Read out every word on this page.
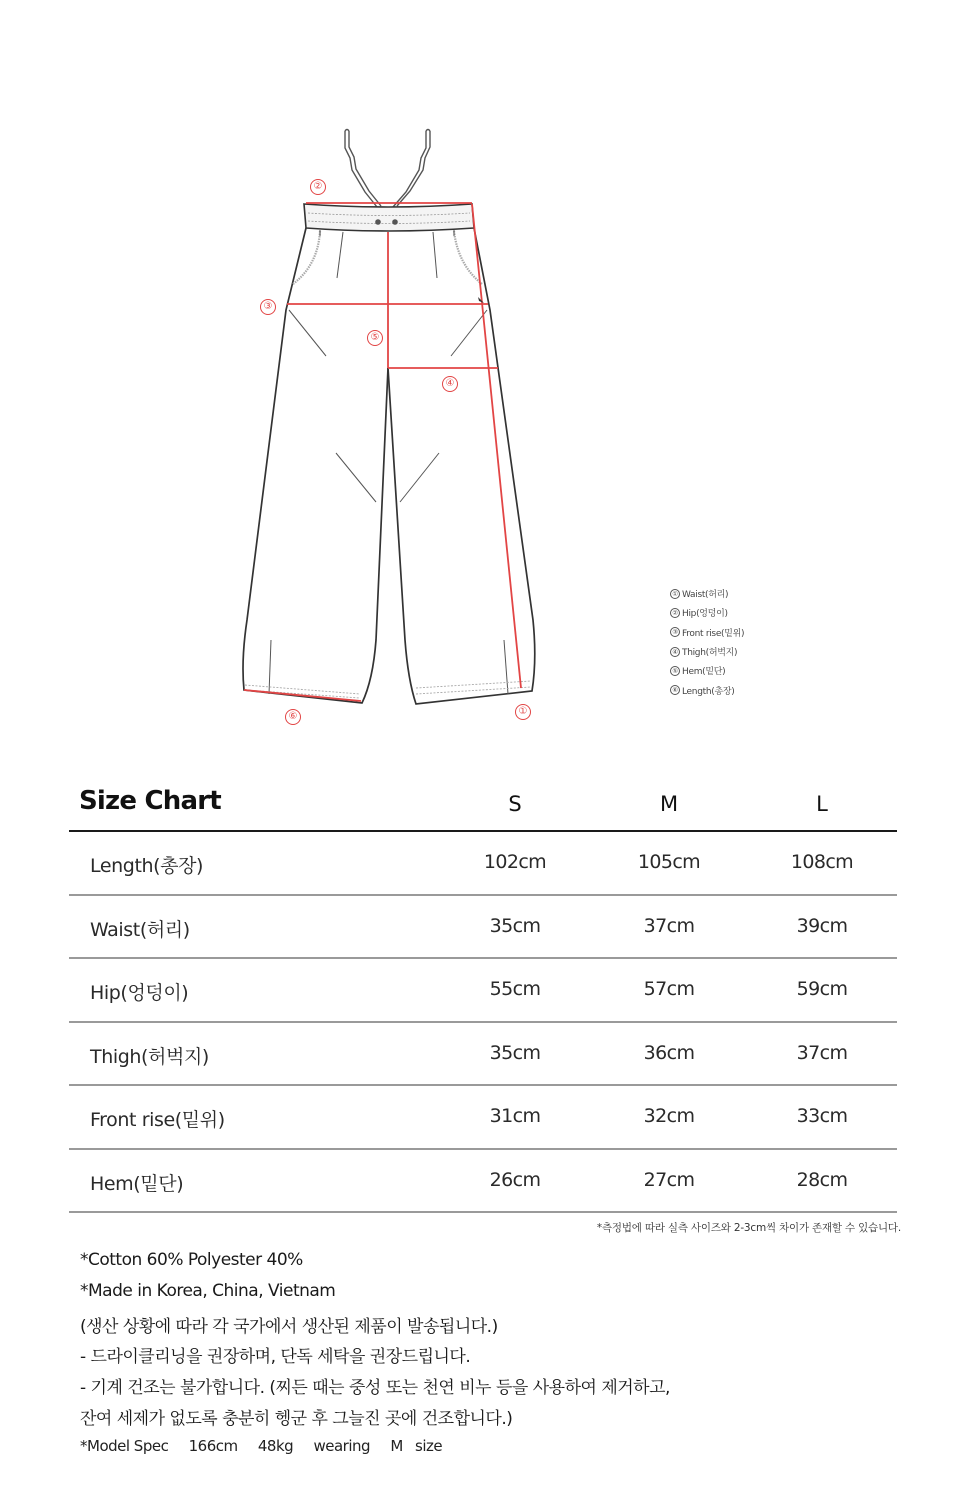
②
③
⑤
④
⑥	①
① Waist(허리)
② Hip(엉덩이)
③ Front rise(밑위)
④ Thigh(허벅지)
⑤ Hem(밑단)
⑥ Length(총장)
Size Chart	S	M	L
Length(총장)	102cm	105cm	108cm
Waist(허리)	35cm	37cm	39cm
Hip(엉덩이)	55cm	57cm	59cm
Thigh(허벅지)	35cm	36cm	37cm
Front rise(밑위)	31cm	32cm	33cm
Hem(밑단)	26cm	27cm	28cm
*측정법에 따라 실측 사이즈와 2-3cm씩 차이가 존재할 수 있습니다.
*Cotton 60% Polyester 40%
*Made in Korea, China, Vietnam
(생산 상황에 따라 각 국가에서 생산된 제품이 발송됩니다.)
- 드라이클리닝을 권장하며, 단독 세탁을 권장드립니다.
- 기계 건조는 불가합니다. (찌든 때는 중성 또는 천연 비누 등을 사용하여 제거하고,
잔여 세제가 없도록 충분히 헹군 후 그늘진 곳에 건조합니다.)
*Model Spec 166cm 48kg wearing M size
